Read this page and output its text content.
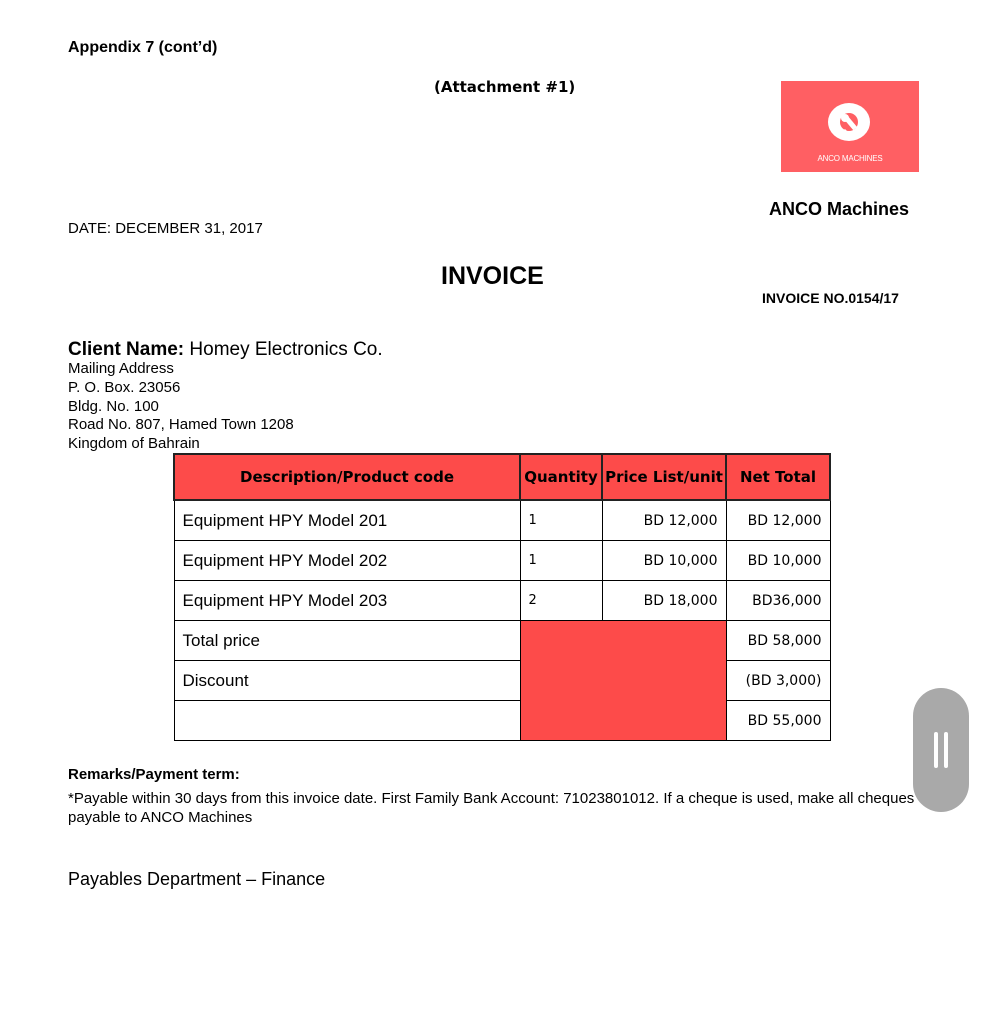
Appendix 7 (cont’d)
(Attachment #1)
ANCO MACHINES
ANCO Machines
DATE: DECEMBER 31, 2017
INVOICE
INVOICE NO.0154/17
Client Name: Homey Electronics Co.
Mailing Address
P. O. Box. 23056
Bldg. No. 100
Road No. 807, Hamed Town 1208
Kingdom of Bahrain
Description/Product code	Quantity	Price List/unit	Net Total
Equipment HPY Model 201	1	BD 12,000	BD 12,000
Equipment HPY Model 202	1	BD 10,000	BD 10,000
Equipment HPY Model 203	2	BD 18,000	BD36,000
Total price			BD 58,000
Discount			(BD 3,000)
			BD 55,000
Remarks/Payment term:
*Payable within 30 days from this invoice date. First Family Bank Account: 71023801012. If a cheque is used, make all cheques payable to ANCO Machines
Payables Department – Finance
